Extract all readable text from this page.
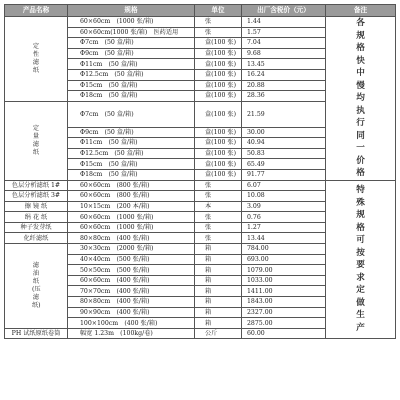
产品名称	规格	单位	出厂含税价（元）	备注
定性滤纸	60×60cm　(1000 张/箱)	张	1.44	各规格快中慢均执行同一价格
	60×60cm(1000 张/箱)　医药适用	张	1.57	
	Φ7cm　(50 盒/箱)	盒(100 张)	7.04	
	Φ9cm　(50 盒/箱)	盒(100 张)	9.68	
	Φ11cm　(50 盒/箱)	盒(100 张)	13.45	
	Φ12.5cm　(50 盒/箱)	盒(100 张)	16.24	
	Φ15cm　(50 盒/箱)	盒(100 张)	20.88	
	Φ18cm　(50 盒/箱)	盒(100 张)	28.36	
定量滤纸	Φ7cm　(50 盒/箱)	盒(100 张)	21.59	
	Φ9cm　(50 盒/箱)	盒(100 张)	30.00	
	Φ11cm　(50 盒/箱)	盒(100 张)	40.94	
	Φ12.5cm　(50 盒/箱)	盒(100 张)	50.83	
	Φ15cm　(50 盒/箱)	盒(100 张)	65.49	
	Φ18cm　(50 盒/箱)	盒(100 张)	91.77	
色层分析滤纸 1#	60×60cm　(800 张/箱)	张	6.07	特殊规格可按要求定做生产
色层分析滤纸 3#	60×60cm　(800 张/箱)	张	10.08	
擦 镜 纸	10×15cm　(200 本/箱)	本	3.09	
绢 花 纸	60×60cm　(1000 张/箱)	张	0.76	
种子发芽纸	60×60cm　(1000 张/箱)	张	1.27	
化纤滤纸	80×80cm　(400 张/箱)	张	13.44	
滤油纸(压滤纸)	30×30cm　(2000 张/箱)	箱	784.00	
	40×40cm　(500 张/箱)	箱	693.00	
	50×50cm　(500 张/箱)	箱	1079.00	
	60×60cm　(400 张/箱)	箱	1033.00	
	70×70cm　(400 张/箱)	箱	1411.00	
	80×80cm　(400 张/箱)	箱	1843.00	
	90×90cm　(400 张/箱)	箱	2327.00	
	100×100cm　(400 张/箱)	箱	2875.00	
PH 试纸原纸卷筒	幅宽 1.23m　(100kg/卷)	公斤	60.00	
